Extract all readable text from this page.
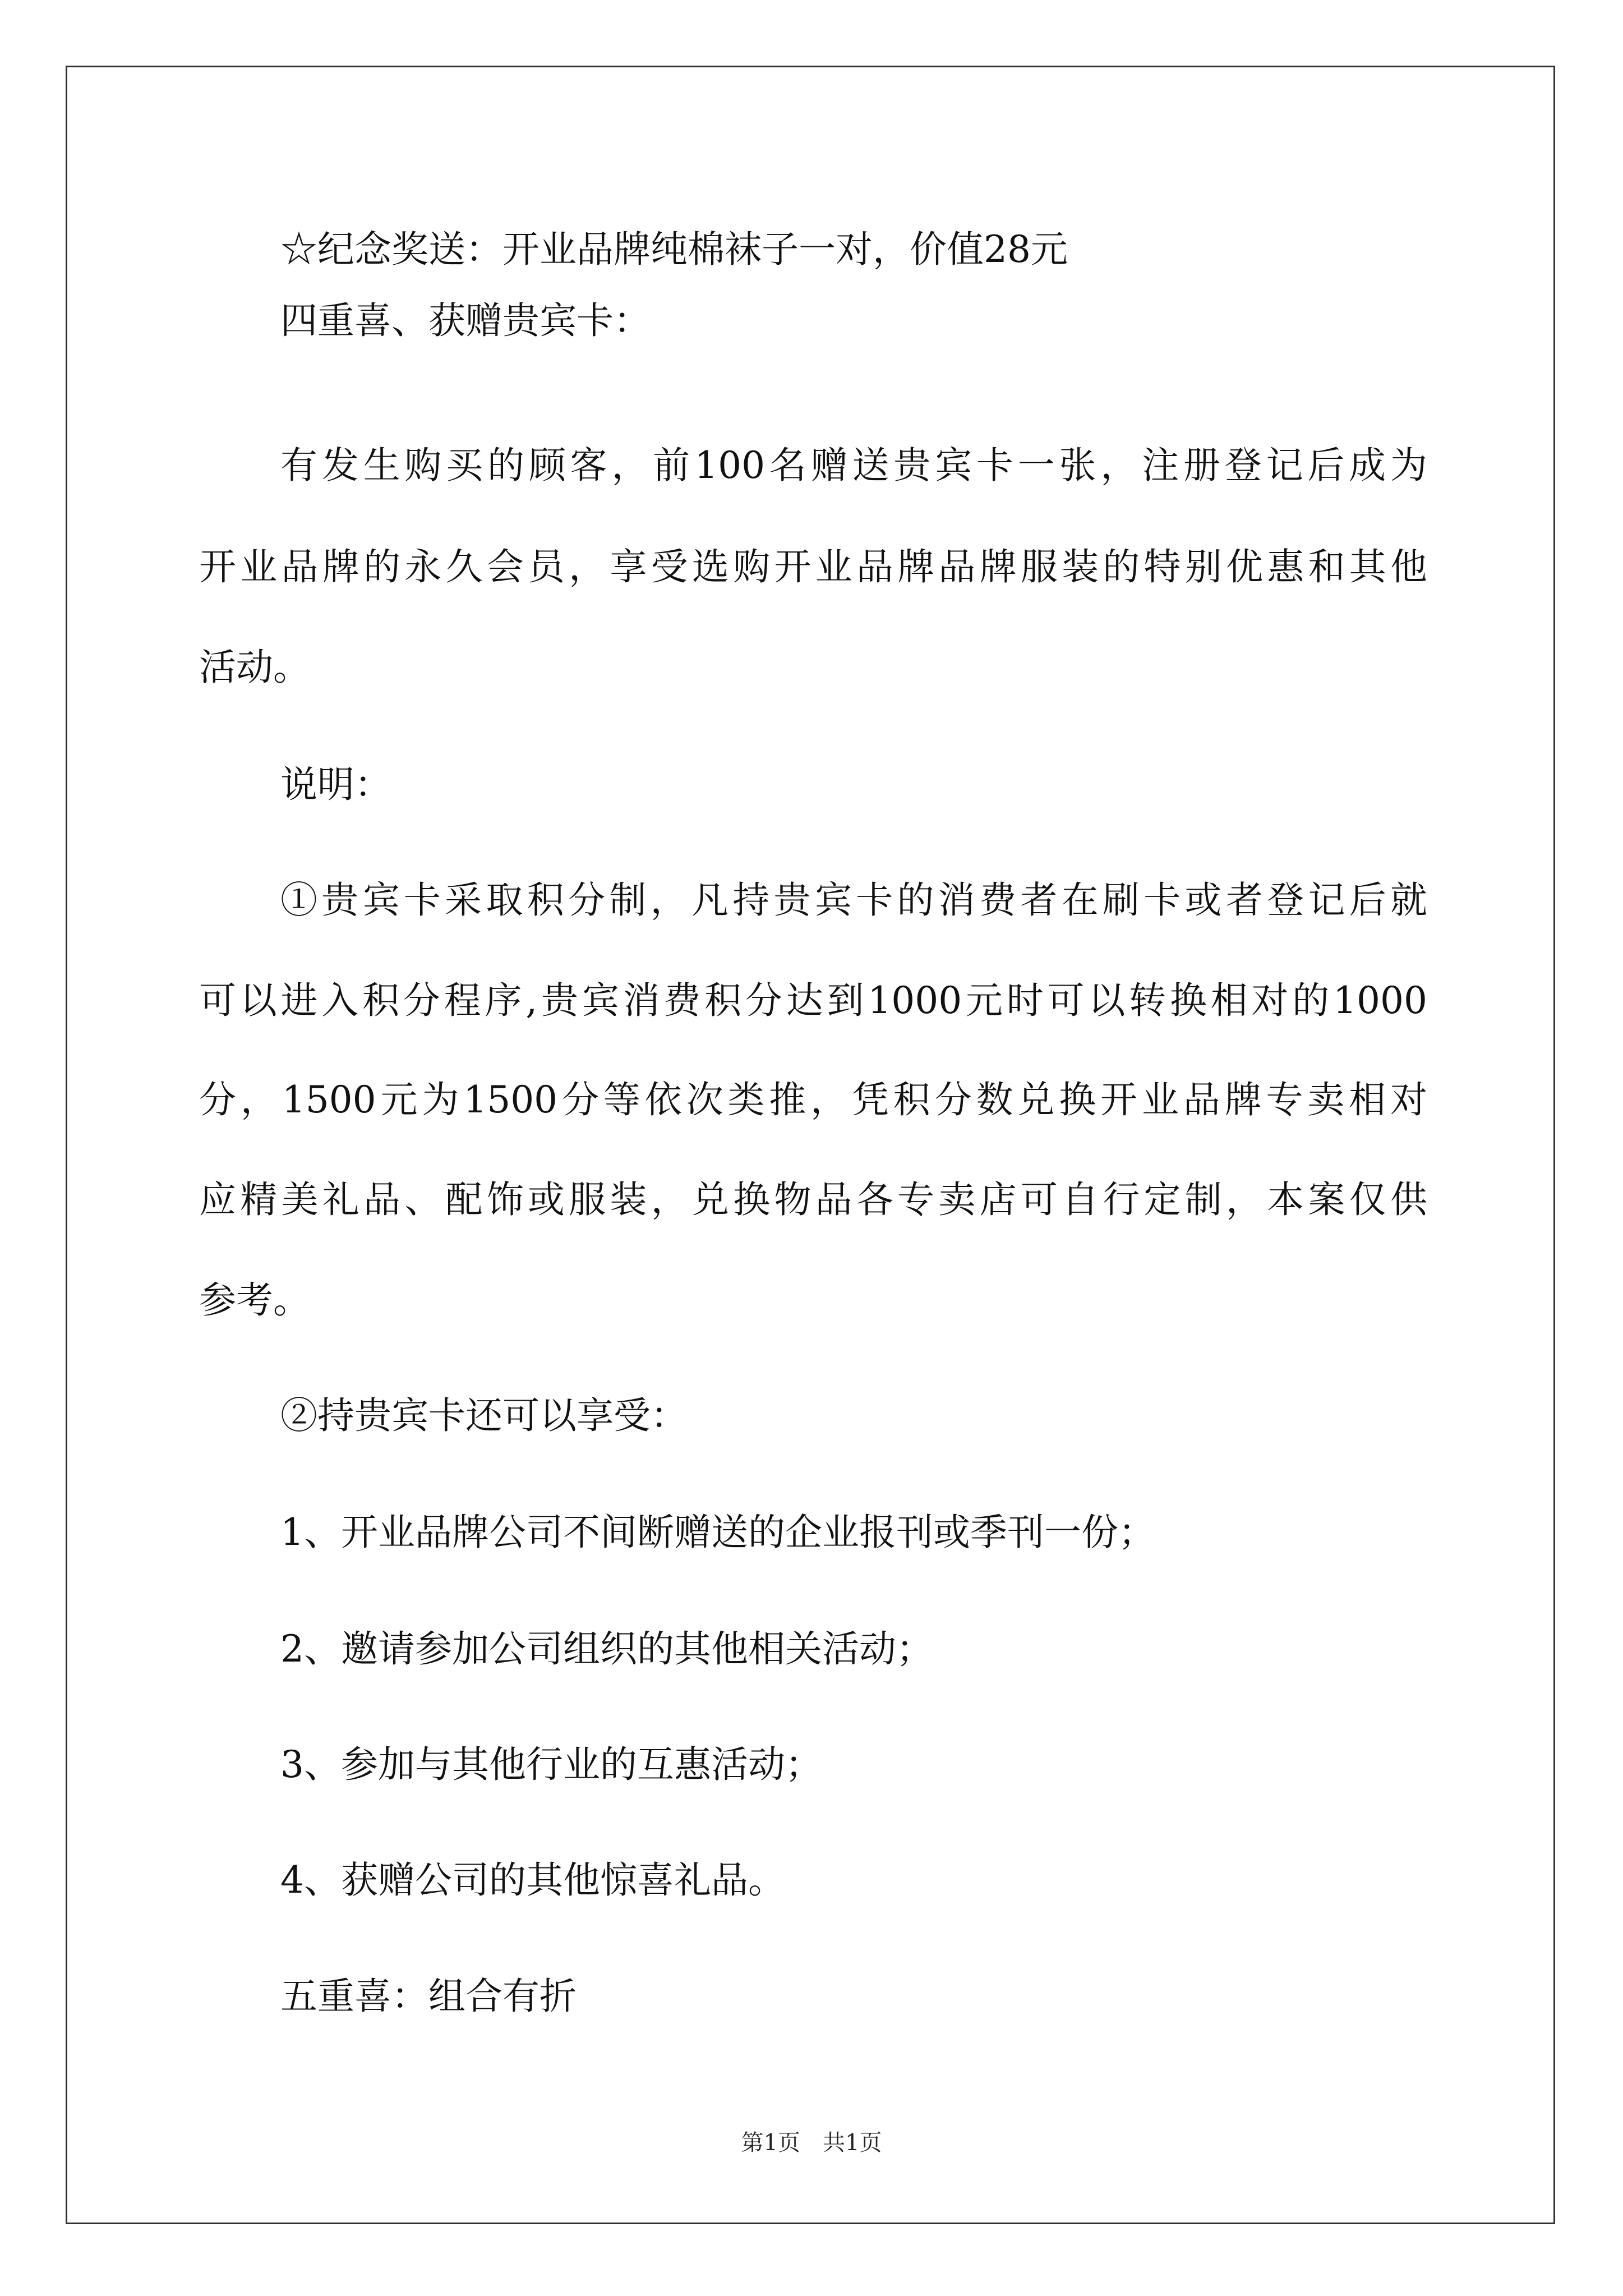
☆纪念奖送：开业品牌纯棉袜子一对，价值28元
四重喜、获赠贵宾卡：
有发生购买的顾客，前100名赠送贵宾卡一张，注册登记后成为
开业品牌的永久会员，享受选购开业品牌品牌服装的特别优惠和其他
活动。
说明：
①贵宾卡采取积分制，凡持贵宾卡的消费者在刷卡或者登记后就
可以进入积分程序,贵宾消费积分达到1000元时可以转换相对的1000
分，1500元为1500分等依次类推，凭积分数兑换开业品牌专卖相对
应精美礼品、配饰或服装，兑换物品各专卖店可自行定制，本案仅供
参考。
②持贵宾卡还可以享受：
1、开业品牌公司不间断赠送的企业报刊或季刊一份；
2、邀请参加公司组织的其他相关活动；
3、参加与其他行业的互惠活动；
4、获赠公司的其他惊喜礼品。
五重喜：组合有折
第1页　共1页
